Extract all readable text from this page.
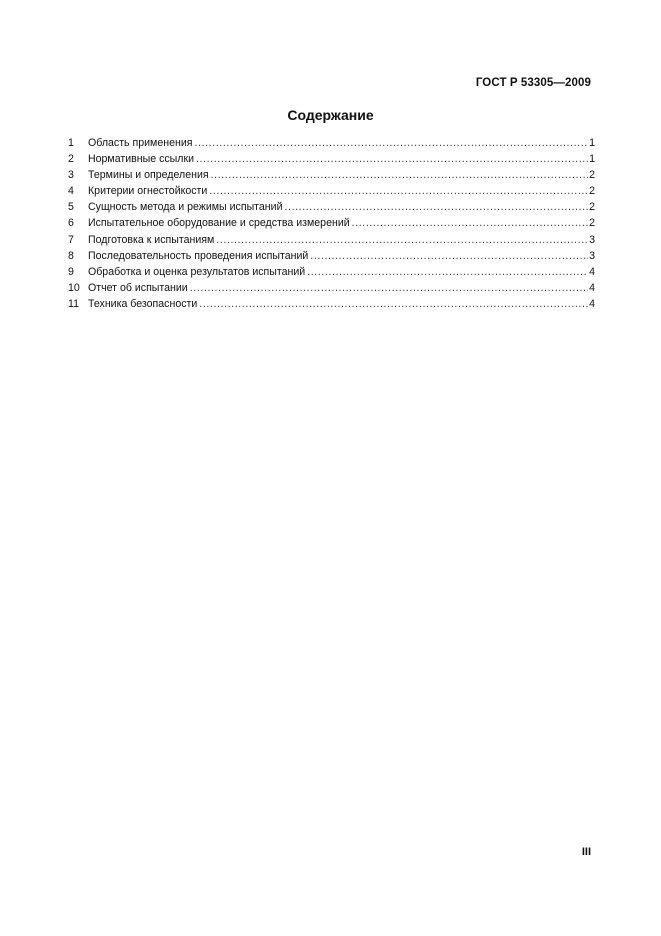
ГОСТ Р 53305—2009
Содержание
1	Область применения .....	1
2	Нормативные ссылки .....	1
3	Термины и определения .....	2
4	Критерии огнестойкости .....	2
5	Сущность метода и режимы испытаний .....	2
6	Испытательное оборудование и средства измерений .....	2
7	Подготовка к испытаниям .....	3
8	Последовательность проведения испытаний .....	3
9	Обработка и оценка результатов испытаний .....	4
10 Отчет об испытании .....	4
11 Техника безопасности .....	4
III
